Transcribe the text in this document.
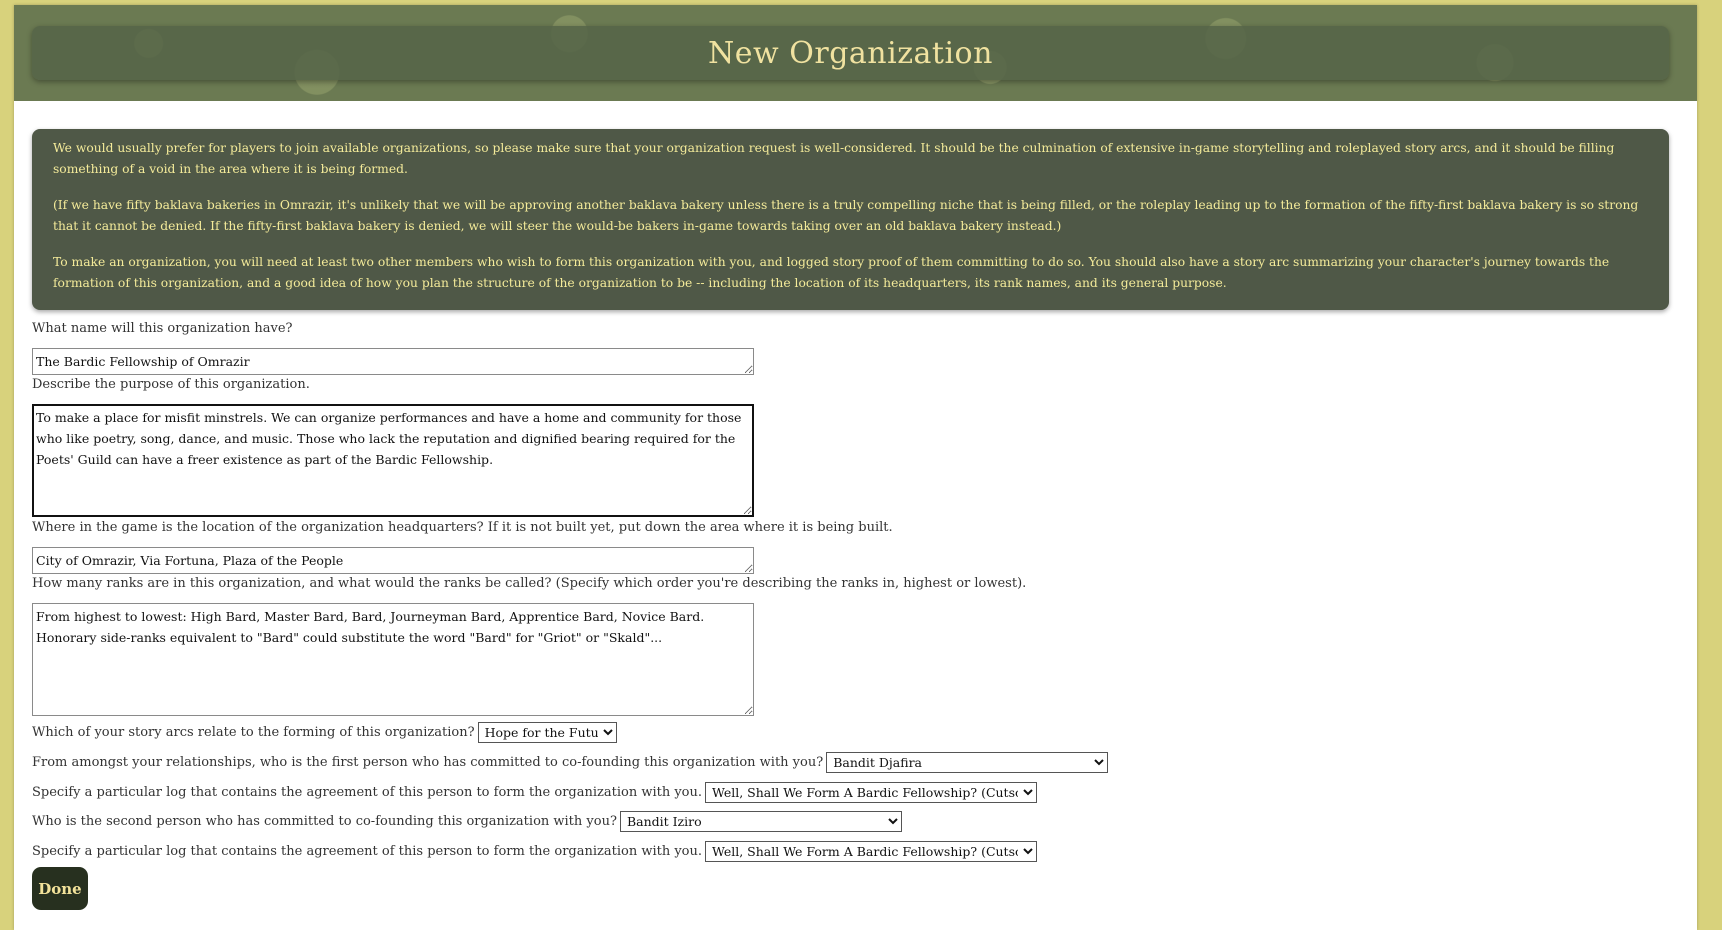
New Organization

We would usually prefer for players to join available organizations, so please make sure that your organization request is well-considered. It should be the culmination of extensive in-game storytelling and roleplayed story arcs, and it should be filling something of a void in the area where it is being formed.

(If we have fifty baklava bakeries in Omrazir, it's unlikely that we will be approving another baklava bakery unless there is a truly compelling niche that is being filled, or the roleplay leading up to the formation of the fifty-first baklava bakery is so strong that it cannot be denied. If the fifty-first baklava bakery is denied, we will steer the would-be bakers in-game towards taking over an old baklava bakery instead.)

To make an organization, you will need at least two other members who wish to form this organization with you, and logged story proof of them committing to do so. You should also have a story arc summarizing your character's journey towards the formation of this organization, and a good idea of how you plan the structure of the organization to be -- including the location of its headquarters, its rank names, and its general purpose.

What name will this organization have?
The Bardic Fellowship of Omrazir
Describe the purpose of this organization.
To make a place for misfit minstrels. We can organize performances and have a home and community for those who like poetry, song, dance, and music. Those who lack the reputation and dignified bearing required for the Poets' Guild can have a freer existence as part of the Bardic Fellowship.
Where in the game is the location of the organization headquarters? If it is not built yet, put down the area where it is being built.
City of Omrazir, Via Fortuna, Plaza of the People
How many ranks are in this organization, and what would the ranks be called? (Specify which order you're describing the ranks in, highest or lowest).
From highest to lowest: High Bard, Master Bard, Bard, Journeyman Bard, Apprentice Bard, Novice Bard. Honorary side-ranks equivalent to "Bard" could substitute the word "Bard" for "Griot" or "Skald"...
Which of your story arcs relate to the forming of this organization?
Hope for the Future
From amongst your relationships, who is the first person who has committed to co-founding this organization with you?
Bandit Djafira
Specify a particular log that contains the agreement of this person to form the organization with you.
Well, Shall We Form A Bardic Fellowship? (Cutscene)
Who is the second person who has committed to co-founding this organization with you?
Bandit Iziro
Specify a particular log that contains the agreement of this person to form the organization with you.
Well, Shall We Form A Bardic Fellowship? (Cutscene)
Done
